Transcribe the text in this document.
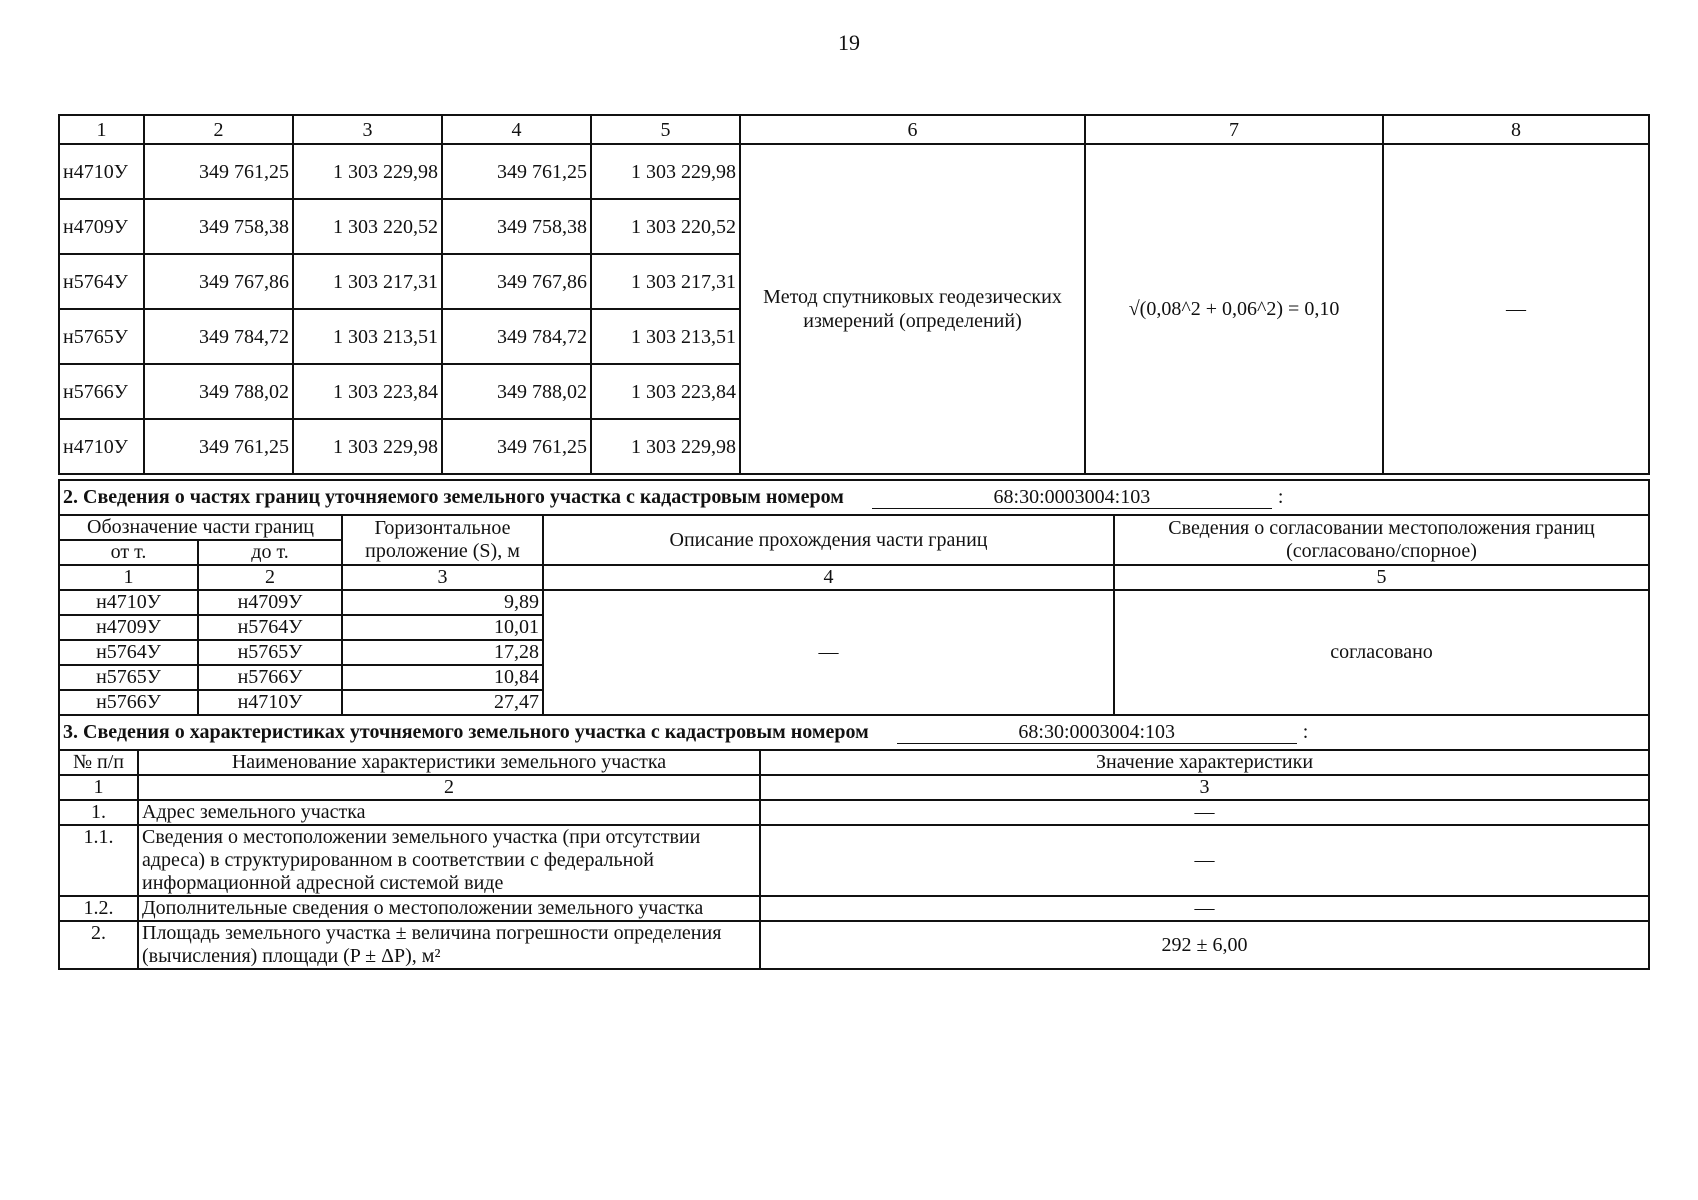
19
1	2	3	4	5	6	7	8
н4710У	349 761,25	1 303 229,98	349 761,25	1 303 229,98	Метод спутниковых геодезических измерений (определений)	√(0,08^2 + 0,06^2) = 0,10	—
н4709У	349 758,38	1 303 220,52	349 758,38	1 303 220,52			
н5764У	349 767,86	1 303 217,31	349 767,86	1 303 217,31			
н5765У	349 784,72	1 303 213,51	349 784,72	1 303 213,51			
н5766У	349 788,02	1 303 223,84	349 788,02	1 303 223,84			
н4710У	349 761,25	1 303 229,98	349 761,25	1 303 229,98			
2. Сведения о частях границ уточняемого земельного участка с кадастровым номером 68:30:0003004:103 :						
Обозначение части границ			Горизонтальное проложение (S), м	Описание прохождения части границ		Сведения о согласовании местоположения границ (согласовано/спорное)
от т.		до т.				
1		2	3	4		5
н4710У		н4709У	9,89	—		согласовано
н4709У		н5764У	10,01			
н5764У		н5765У	17,28			
н5765У		н5766У	10,84			
н5766У		н4710У	27,47			
3. Сведения о характеристиках уточняемого земельного участка с кадастровым номером 68:30:0003004:103 :						
№ п/п	Наименование характеристики земельного участка				Значение характеристики	
1	2				3	
1.	Адрес земельного участка				—	
1.1.	Сведения о местоположении земельного участка (при отсутствии адреса) в структурированном в соответствии с федеральной информационной адресной системой виде				—	
1.2.	Дополнительные сведения о местоположении земельного участка				—	
2.	Площадь земельного участка ± величина погрешности определения (вычисления) площади (P ± ΔP), м²				292 ± 6,00	
